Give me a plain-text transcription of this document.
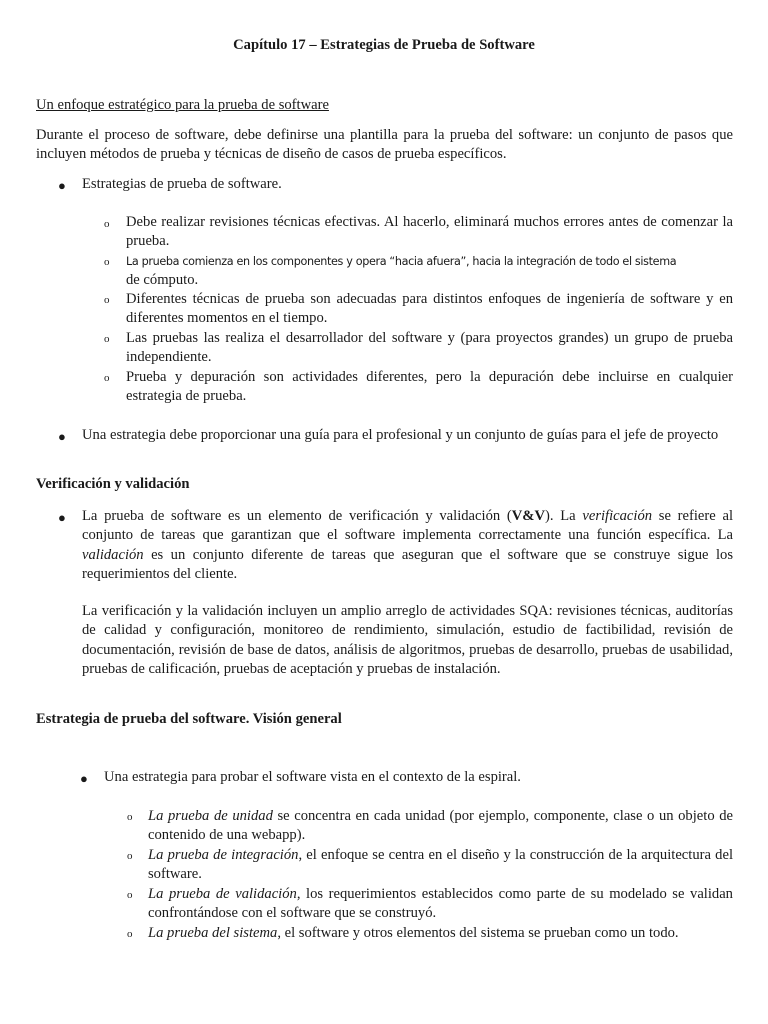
Capítulo 17 – Estrategias de Prueba de Software
Un enfoque estratégico para la prueba de software
Durante el proceso de software, debe definirse una plantilla para la prueba del software: un conjunto de pasos que incluyen métodos de prueba y técnicas de diseño de casos de prueba específicos.
● Estrategias de prueba de software.
o Debe realizar revisiones técnicas efectivas. Al hacerlo, eliminará muchos errores antes de comenzar la prueba.
o La prueba comienza en los componentes y opera “hacia afuera”, hacia la integración de todo el sistema
de cómputo.
o Diferentes técnicas de prueba son adecuadas para distintos enfoques de ingeniería de software y en diferentes momentos en el tiempo.
o Las pruebas las realiza el desarrollador del software y (para proyectos grandes) un grupo de prueba independiente.
o Prueba y depuración son actividades diferentes, pero la depuración debe incluirse en cualquier estrategia de prueba.
● Una estrategia debe proporcionar una guía para el profesional y un conjunto de guías para el jefe de proyecto
Verificación y validación
● La prueba de software es un elemento de verificación y validación (V&V). La verificación se refiere al conjunto de tareas que garantizan que el software implementa correctamente una función específica. La validación es un conjunto diferente de tareas que aseguran que el software que se construye sigue los requerimientos del cliente.
La verificación y la validación incluyen un amplio arreglo de actividades SQA: revisiones técnicas, auditorías de calidad y configuración, monitoreo de rendimiento, simulación, estudio de factibilidad, revisión de documentación, revisión de base de datos, análisis de algoritmos, pruebas de desarrollo, pruebas de usabilidad, pruebas de calificación, pruebas de aceptación y pruebas de instalación.
Estrategia de prueba del software. Visión general
● Una estrategia para probar el software vista en el contexto de la espiral.
o La prueba de unidad se concentra en cada unidad (por ejemplo, componente, clase o un objeto de contenido de una webapp).
o La prueba de integración, el enfoque se centra en el diseño y la construcción de la arquitectura del software.
o La prueba de validación, los requerimientos establecidos como parte de su modelado se validan confrontándose con el software que se construyó.
o La prueba del sistema, el software y otros elementos del sistema se prueban como un todo.
